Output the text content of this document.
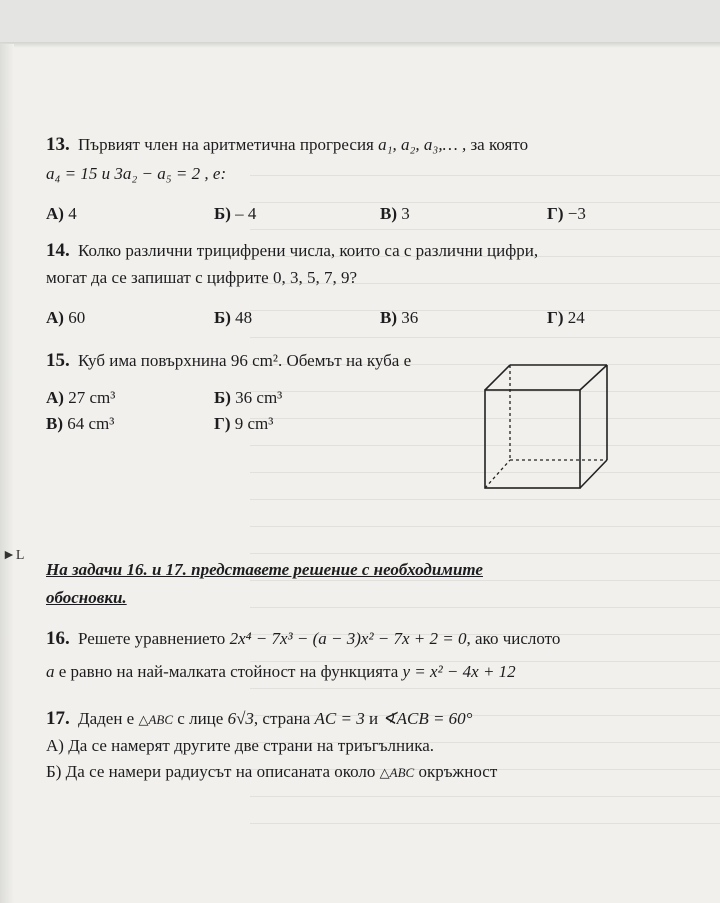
13. Първият член на аритметична прогресия a₁, a₂, a₃,… , за която
a₄ = 15 и 3a₂ − a₅ = 2 , е:
А) 4	Б) – 4	В) 3	Г) −3
14. Колко различни трицифрени числа, които са с различни цифри,
могат да се запишат с цифрите 0, 3, 5, 7, 9?
А) 60	Б) 48	В) 36	Г) 24
15. Куб има повърхнина 96 cm². Обемът на куба е
А) 27 cm³	Б) 36 cm³
В) 64 cm³	Г) 9 cm³
►L
На задачи 16. и 17. представете решение с необходимите
обосновки.
16. Решете уравнението 2x⁴ − 7x³ − (a − 3)x² − 7x + 2 = 0, ако числото
a е равно на най-малката стойност на функцията y = x² − 4x + 12
17. Даден е △ABC с лице 6√3, страна AC = 3 и ∢ACB = 60°
А) Да се намерят другите две страни на триъгълника.
Б) Да се намери радиусът на описаната около △ABC окръжност
